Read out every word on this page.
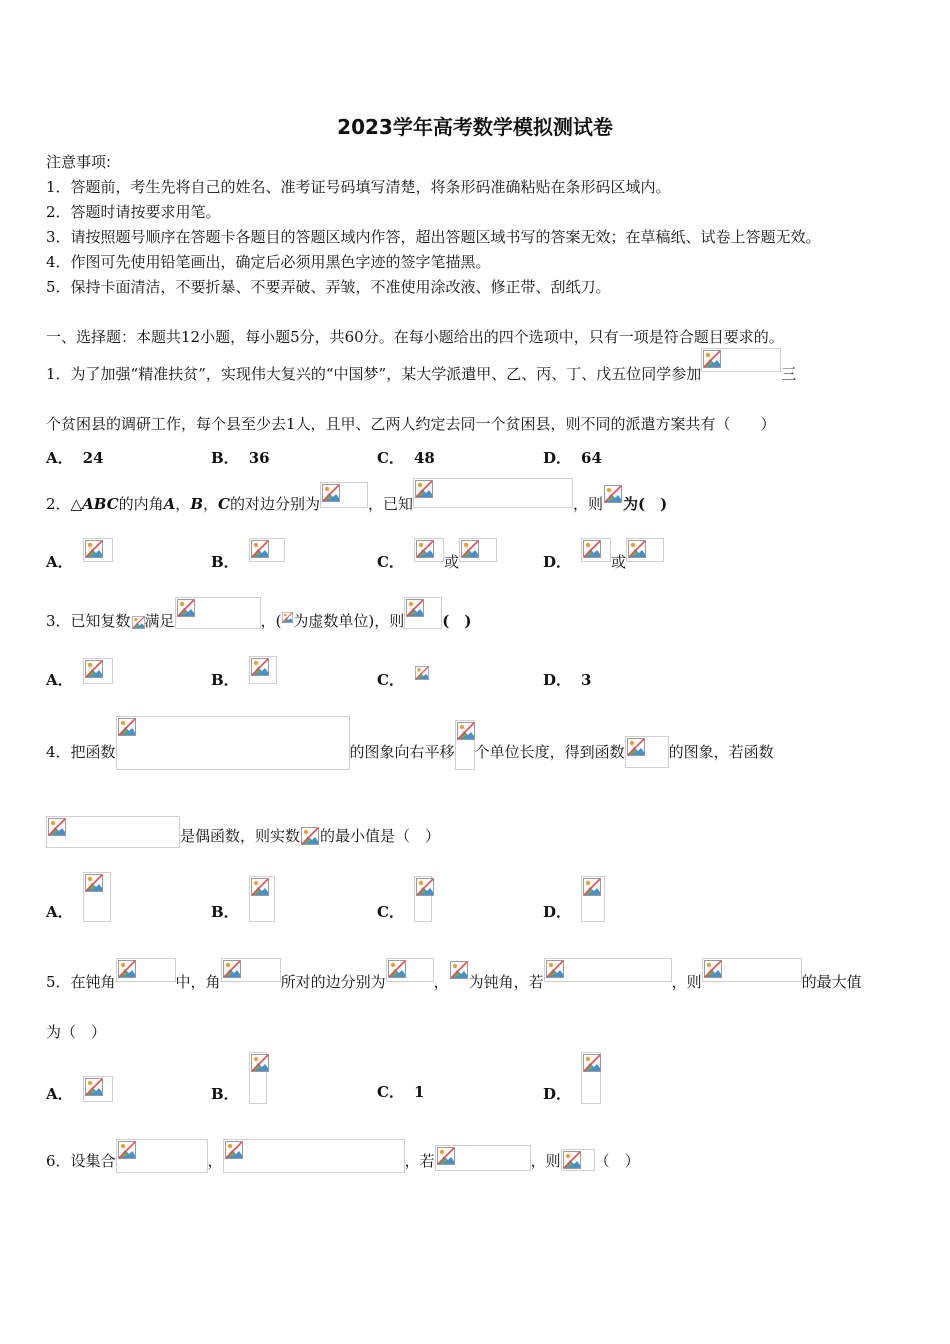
2023学年高考数学模拟测试卷
注意事项:
1．答题前，考生先将自己的姓名、准考证号码填写清楚，将条形码准确粘贴在条形码区域内。
2．答题时请按要求用笔。
3．请按照题号顺序在答题卡各题目的答题区域内作答，超出答题区域书写的答案无效；在草稿纸、试卷上答题无效。
4．作图可先使用铅笔画出，确定后必须用黑色字迹的签字笔描黑。
5．保持卡面清洁，不要折暴、不要弄破、弄皱，不准使用涂改液、修正带、刮纸刀。
一、选择题：本题共12小题，每小题5分，共60分。在每小题给出的四个选项中，只有一项是符合题目要求的。
1．为了加强“精准扶贫”，实现伟大复兴的“中国梦”，某大学派遣甲、乙、丙、丁、戊五位同学参加	三
个贫困县的调研工作，每个县至少去1人，且甲、乙两人约定去同一个贫困县，则不同的派遣方案共有（　　）
A． 24	B． 36	C． 48	D． 64
2．△ ABC 的内角 A ， B ， C 的对边分别为	，已知	，则 为(　)
A．	B．	C．	或	D．	或
3．已知复数 满足	，( 为虚数单位)，则	(　)
A．	B．	C．	D． 3
4．把函数	的图象向右平移 个单位长度，得到函数	的图象，若函数
是偶函数，则实数 的最小值是（　）
A．	B．	C．	D．
5．在钝角	中，角	所对的边分别为	， 为钝角，若	，则	的最大值
为（　）
A．	B．	C． 1	D．
6．设集合	，	，若	，则 （　）
